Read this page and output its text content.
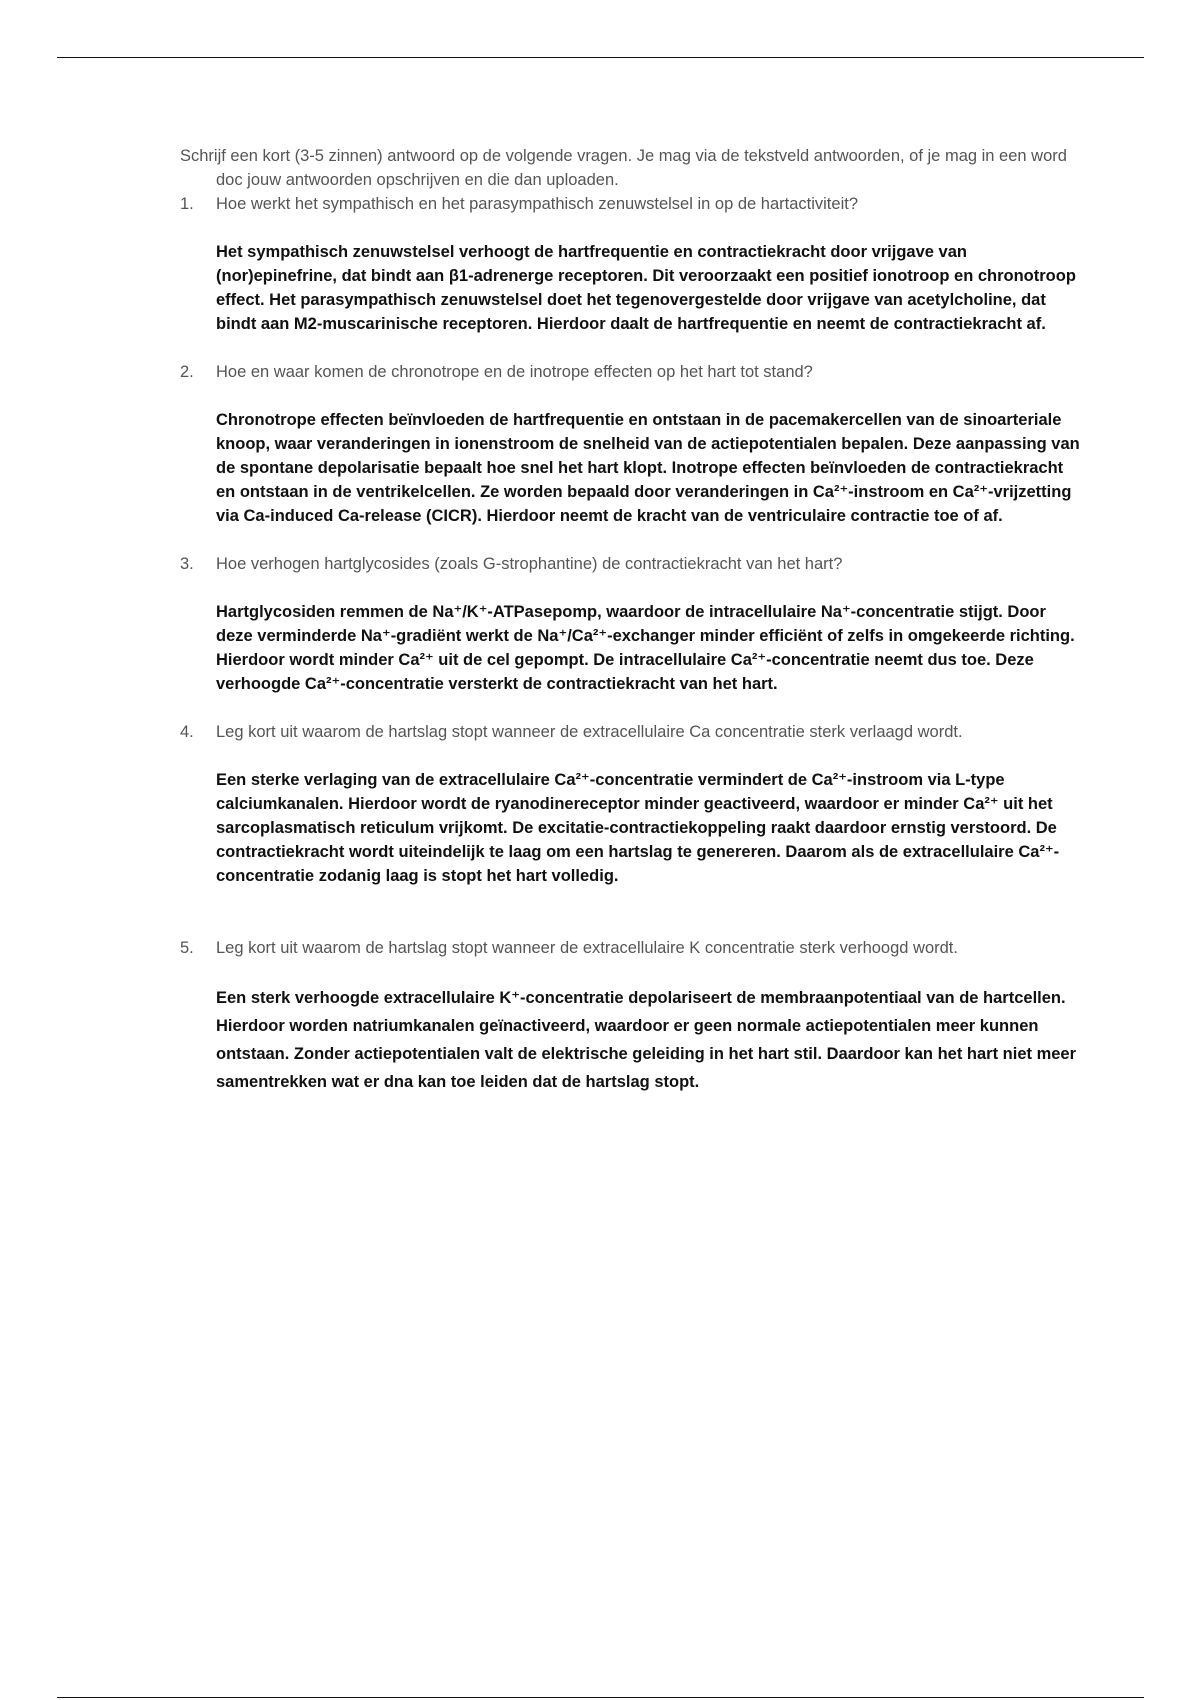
Schrijf een kort (3-5 zinnen) antwoord op de volgende vragen. Je mag via de tekstveld antwoorden, of je mag in een word doc jouw antwoorden opschrijven en die dan uploaden.

1. Hoe werkt het sympathisch en het parasympathisch zenuwstelsel in op de hartactiviteit?

Het sympathisch zenuwstelsel verhoogt de hartfrequentie en contractiekracht door vrijgave van (nor)epinefrine, dat bindt aan β1-adrenerge receptoren. Dit veroorzaakt een positief ionotroop en chronotroop effect. Het parasympathisch zenuwstelsel doet het tegenovergestelde door vrijgave van acetylcholine, dat bindt aan M2-muscarinische receptoren. Hierdoor daalt de hartfrequentie en neemt de contractiekracht af.

2. Hoe en waar komen de chronotrope en de inotrope effecten op het hart tot stand?

Chronotrope effecten beïnvloeden de hartfrequentie en ontstaan in de pacemakercellen van de sinoarteriale knoop, waar veranderingen in ionenstroom de snelheid van de actiepotentialen bepalen. Deze aanpassing van de spontane depolarisatie bepaalt hoe snel het hart klopt. Inotrope effecten beïnvloeden de contractiekracht en ontstaan in de ventrikelcellen. Ze worden bepaald door veranderingen in Ca²⁺-instroom en Ca²⁺-vrijzetting via Ca-induced Ca-release (CICR). Hierdoor neemt de kracht van de ventriculaire contractie toe of af.

3. Hoe verhogen hartglycosides (zoals G-strophantine) de contractiekracht van het hart?

Hartglycosiden remmen de Na⁺/K⁺-ATPasepomp, waardoor de intracellulaire Na⁺-concentratie stijgt. Door deze verminderde Na⁺-gradiënt werkt de Na⁺/Ca²⁺-exchanger minder efficiënt of zelfs in omgekeerde richting. Hierdoor wordt minder Ca²⁺ uit de cel gepompt. De intracellulaire Ca²⁺-concentratie neemt dus toe. Deze verhoogde Ca²⁺-concentratie versterkt de contractiekracht van het hart.

4. Leg kort uit waarom de hartslag stopt wanneer de extracellulaire Ca concentratie sterk verlaagd wordt.

Een sterke verlaging van de extracellulaire Ca²⁺-concentratie vermindert de Ca²⁺-instroom via L-type calciumkanalen. Hierdoor wordt de ryanodinereceptor minder geactiveerd, waardoor er minder Ca²⁺ uit het sarcoplasmatisch reticulum vrijkomt. De excitatie-contractiekoppeling raakt daardoor ernstig verstoord. De contractiekracht wordt uiteindelijk te laag om een hartslag te genereren. Daarom als de extracellulaire Ca²⁺-concentratie zodanig laag is stopt het hart volledig.

5. Leg kort uit waarom de hartslag stopt wanneer de extracellulaire K concentratie sterk verhoogd wordt.

Een sterk verhoogde extracellulaire K⁺-concentratie depolariseert de membraanpotentiaal van de hartcellen. Hierdoor worden natriumkanalen geïnactiveerd, waardoor er geen normale actiepotentialen meer kunnen ontstaan. Zonder actiepotentialen valt de elektrische geleiding in het hart stil. Daardoor kan het hart niet meer samentrekken wat er dna kan toe leiden dat de hartslag stopt.
